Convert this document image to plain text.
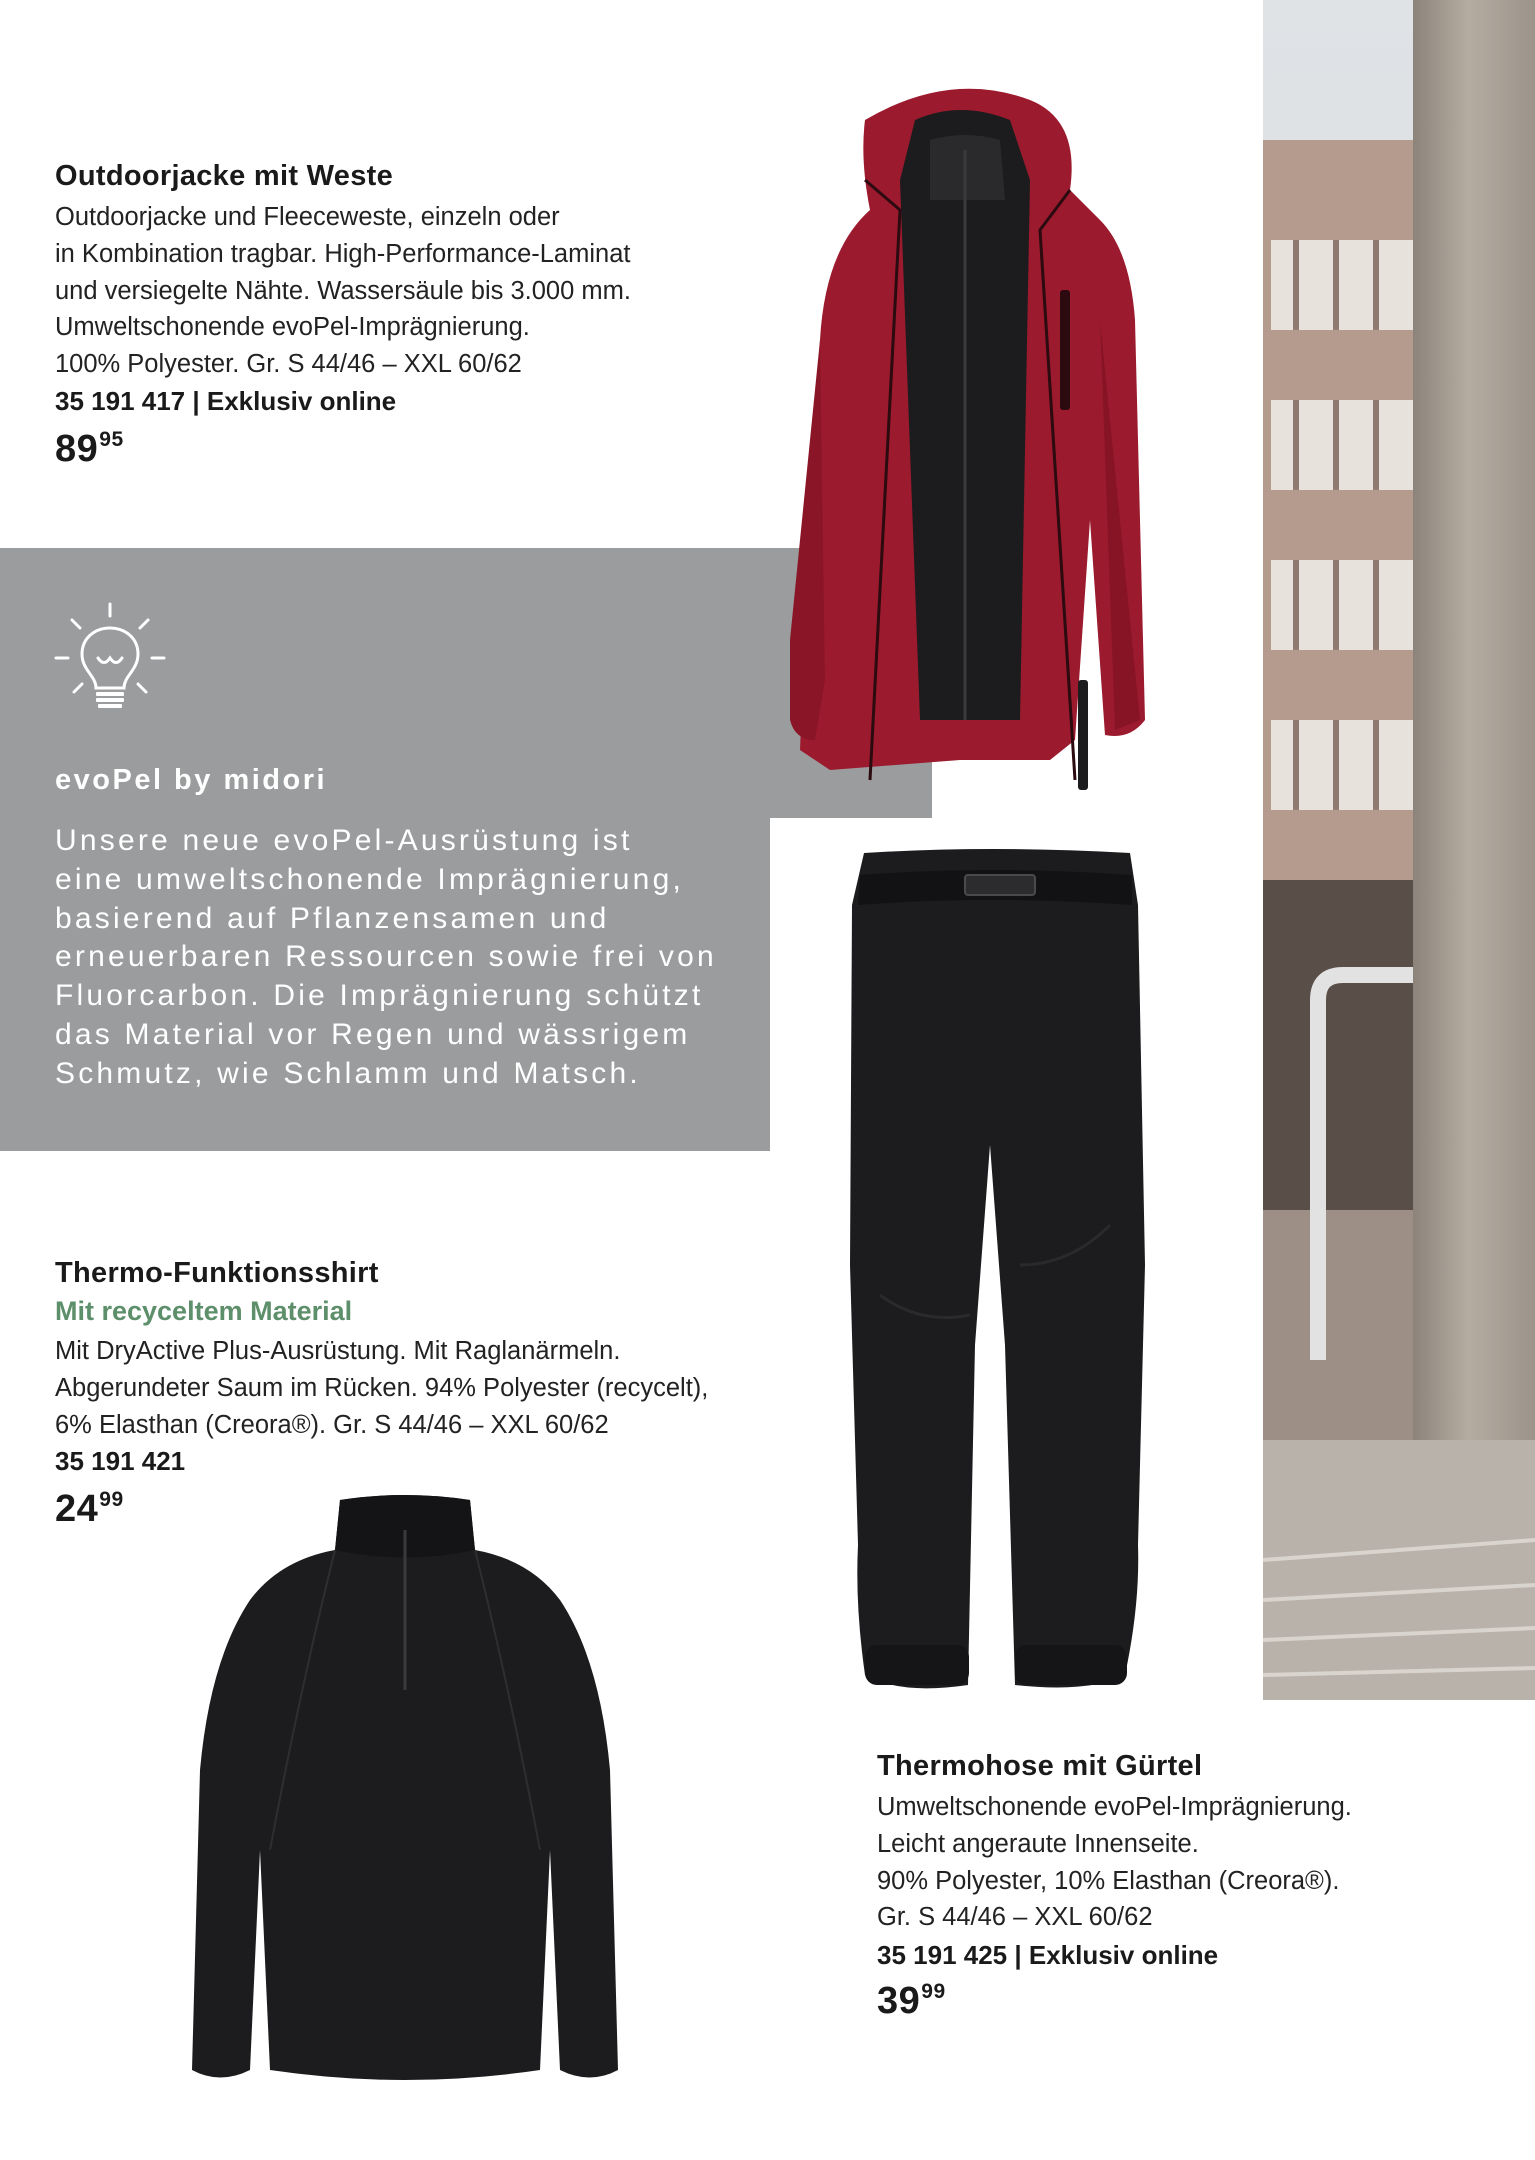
evoPel by midori

Unsere neue evoPel-Ausrüstung ist
eine umweltschonende Imprägnierung,
basierend auf Pflanzensamen und
erneuerbaren Ressourcen sowie frei von
Fluorcarbon. Die Imprägnierung schützt
das Material vor Regen und wässrigem
Schmutz, wie Schlamm und Matsch.

Outdoorjacke mit Weste

Outdoorjacke und Fleeceweste, einzeln oder
in Kombination tragbar. High-Performance-Laminat
und versiegelte Nähte. Wassersäule bis 3.000 mm.
Umweltschonende evoPel-Imprägnierung.
100% Polyester. Gr. S 44/46 – XXL 60/62

35 191 417 | Exklusiv online
$89^{95}$
Thermo-Funktionsshirt
Mit recyceltem Material

Mit DryActive Plus-Ausrüstung. Mit Raglanärmeln.
Abgerundeter Saum im Rücken. 94% Polyester (recycelt),
6% Elasthan (Creora®). Gr. S 44/46 – XXL 60/62

35 191 421
$24^{99}$
Thermohose mit Gürtel

Umweltschonende evoPel-Imprägnierung.
Leicht angeraute Innenseite.
90% Polyester, 10% Elasthan (Creora®).
Gr. S 44/46 – XXL 60/62

35 191 425 | Exklusiv online
$39^{99}$
